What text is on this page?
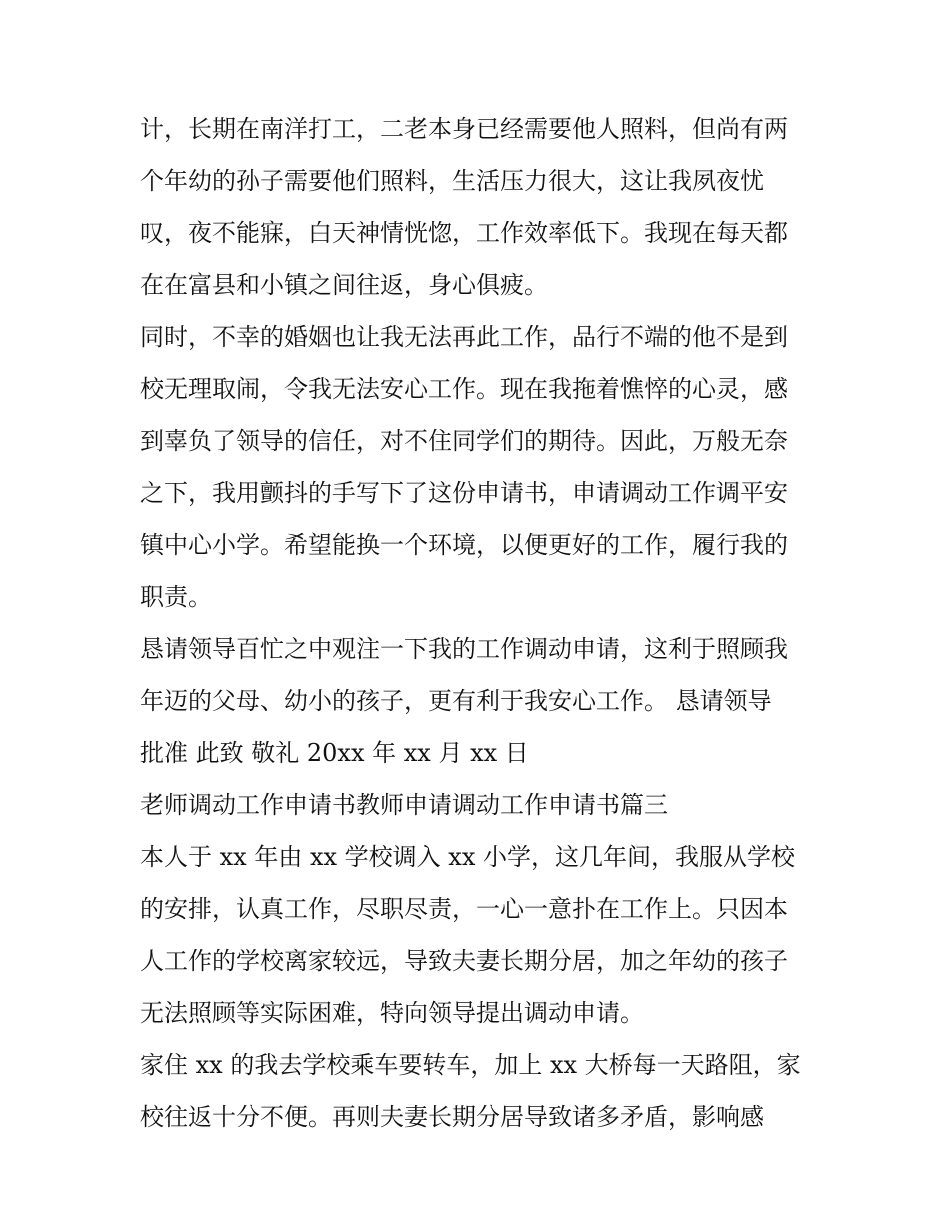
计，长期在南洋打工，二老本身已经需要他人照料，但尚有两
个年幼的孙子需要他们照料，生活压力很大，这让我夙夜忧
叹，夜不能寐，白天神情恍惚，工作效率低下。我现在每天都
在在富县和小镇之间往返，身心俱疲。
同时，不幸的婚姻也让我无法再此工作，品行不端的他不是到
校无理取闹，令我无法安心工作。现在我拖着憔悴的心灵，感
到辜负了领导的信任，对不住同学们的期待。因此，万般无奈
之下，我用颤抖的手写下了这份申请书，申请调动工作调平安
镇中心小学。希望能换一个环境，以便更好的工作，履行我的
职责。
恳请领导百忙之中观注一下我的工作调动申请，这利于照顾我
年迈的父母、幼小的孩子，更有利于我安心工作。 恳请领导
批准 此致 敬礼 20xx 年 xx 月 xx 日
老师调动工作申请书教师申请调动工作申请书篇三
本人于 xx 年由 xx 学校调入 xx 小学，这几年间，我服从学校
的安排，认真工作，尽职尽责，一心一意扑在工作上。只因本
人工作的学校离家较远，导致夫妻长期分居，加之年幼的孩子
无法照顾等实际困难，特向领导提出调动申请。
家住 xx 的我去学校乘车要转车，加上 xx 大桥每一天路阻，家
校往返十分不便。再则夫妻长期分居导致诸多矛盾，影响感
